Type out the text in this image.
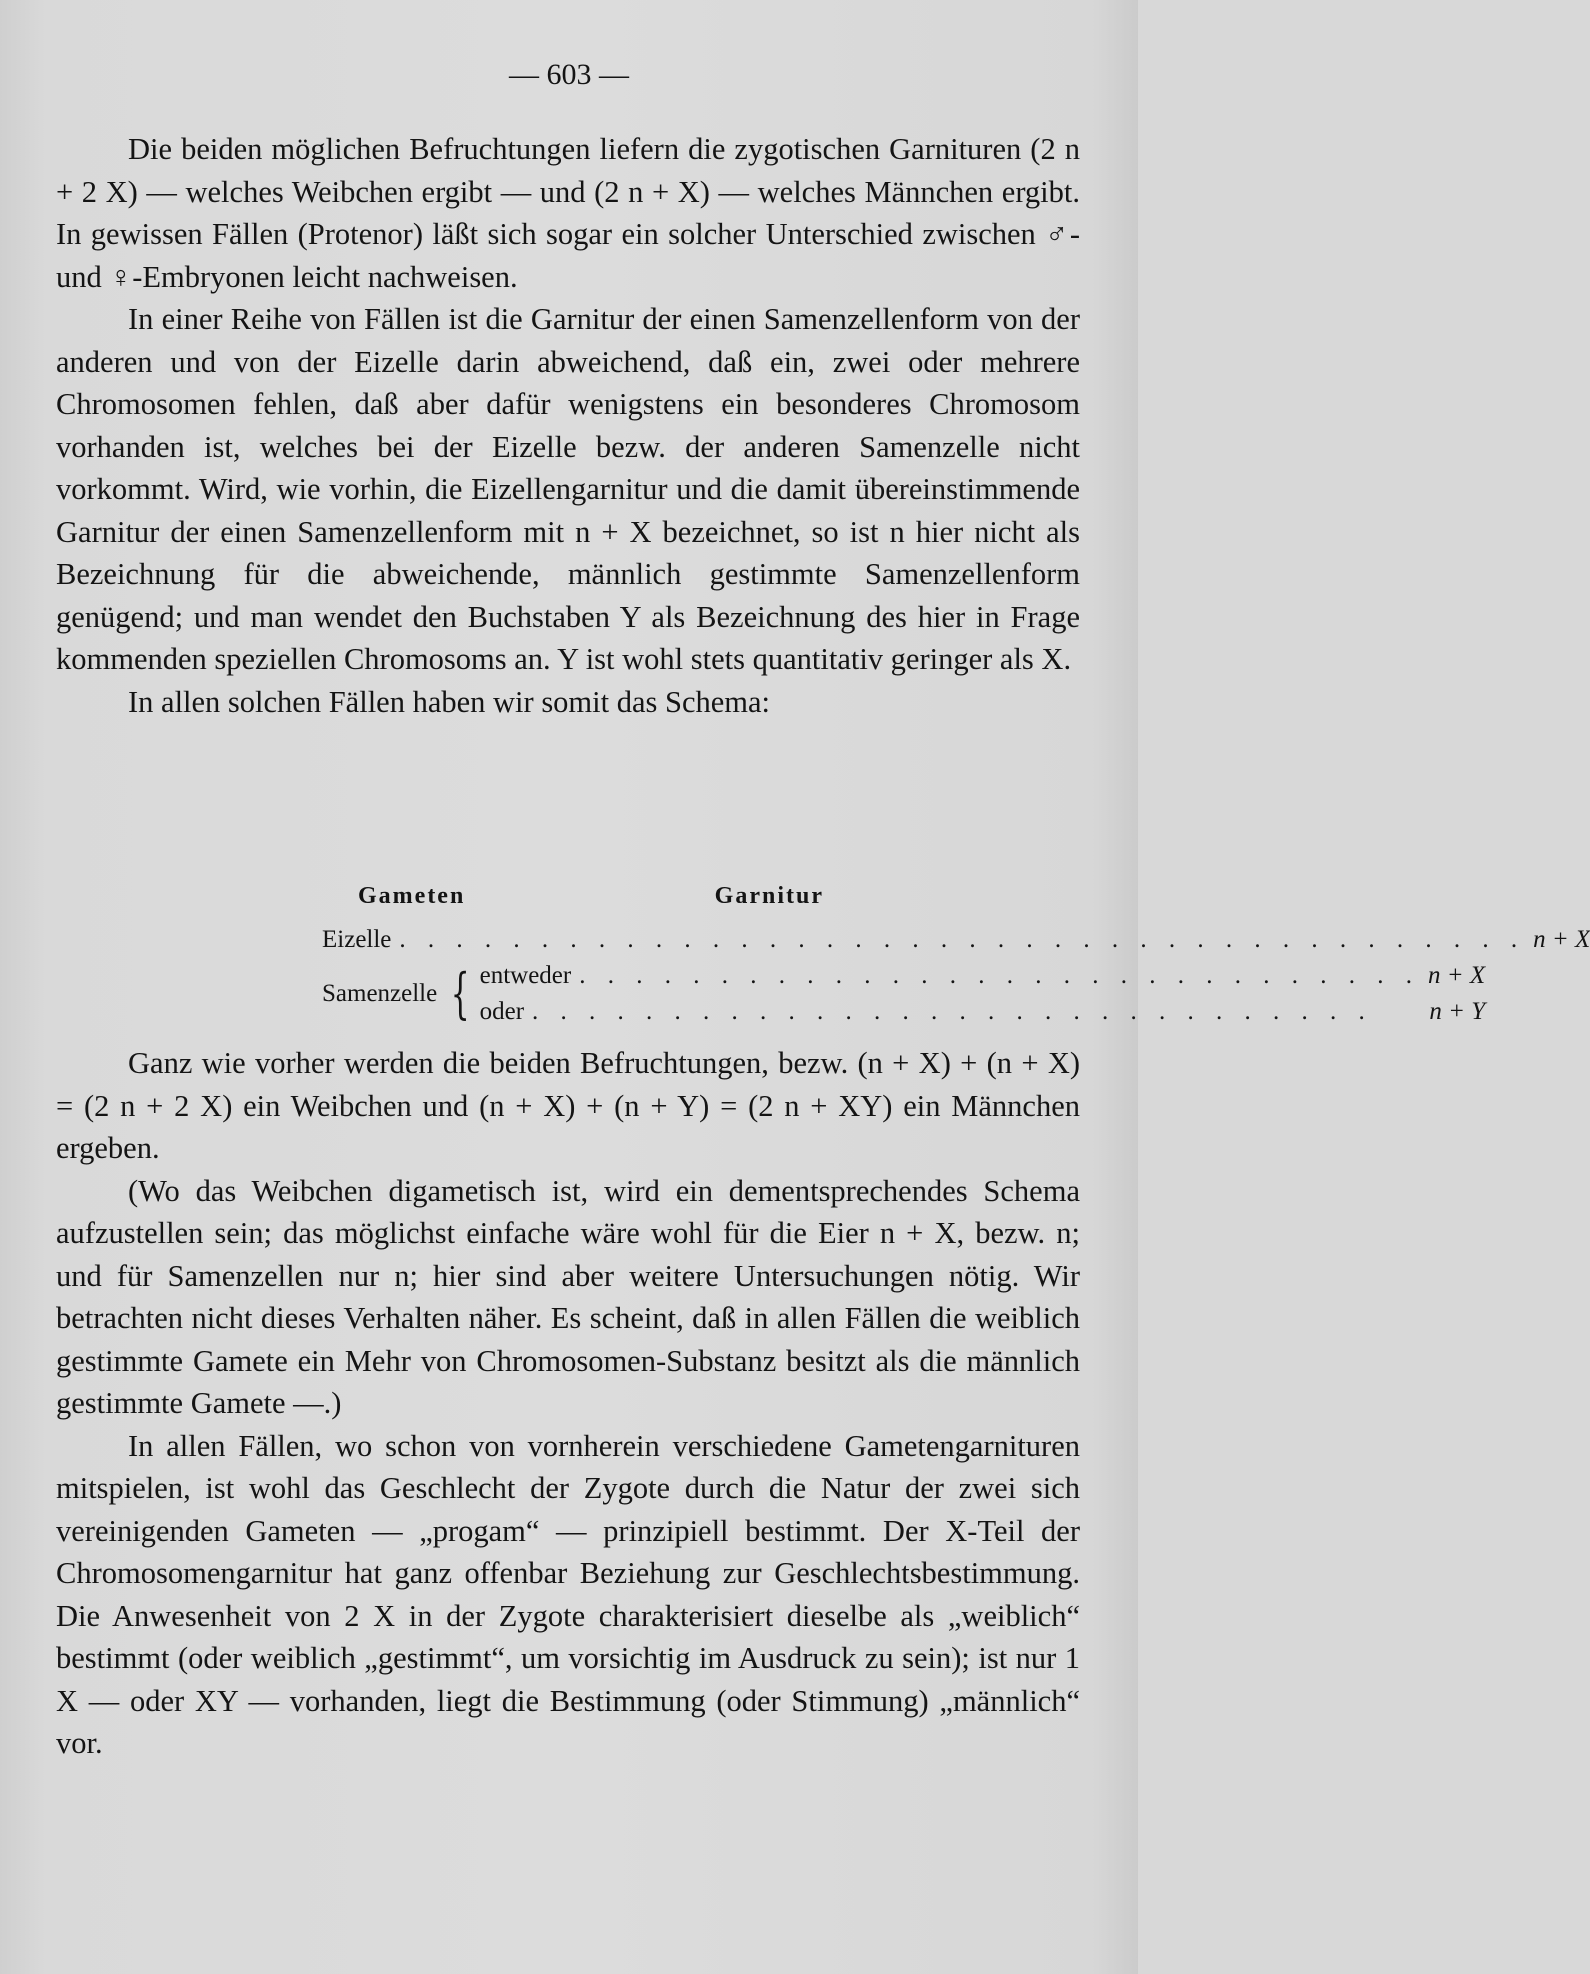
— 603 —

Die beiden möglichen Befruchtungen liefern die zygotischen Garnituren (2 n + 2 X) — welches Weibchen ergibt — und (2 n + X) — welches Männchen ergibt. In gewissen Fällen (Protenor) läßt sich sogar ein solcher Unterschied zwischen ♂- und ♀-Embryonen leicht nachweisen.

In einer Reihe von Fällen ist die Garnitur der einen Samenzellenform von der anderen und von der Eizelle darin abweichend, daß ein, zwei oder mehrere Chromosomen fehlen, daß aber dafür wenigstens ein besonderes Chromosom vorhanden ist, welches bei der Eizelle bezw. der anderen Samenzelle nicht vorkommt. Wird, wie vorhin, die Eizellengarnitur und die damit übereinstimmende Garnitur der einen Samenzellenform mit n + X bezeichnet, so ist n hier nicht als Bezeichnung für die abweichende, männlich gestimmte Samenzellenform genügend; und man wendet den Buchstaben Y als Bezeichnung des hier in Frage kommenden speziellen Chromosoms an. Y ist wohl stets quantitativ geringer als X.

In allen solchen Fällen haben wir somit das Schema:

Gameten	Garnitur
Eizelle . . . . . . . . . . . . . . . . . . . . . . . . . . . . . . . . . . . . . . . . n + X
Samenzelle { entweder . . . . . . . . . . . . . . . . . . . . . . . . . . . . . . n + X
oder . . . . . . . . . . . . . . . . . . . . . . . . . . . . . .	n + Y

Ganz wie vorher werden die beiden Befruchtungen, bezw. (n + X) + (n + X) = (2 n + 2 X) ein Weibchen und (n + X) + (n + Y) = (2 n + XY) ein Männchen ergeben.

(Wo das Weibchen digametisch ist, wird ein dementsprechendes Schema aufzustellen sein; das möglichst einfache wäre wohl für die Eier n + X, bezw. n; und für Samenzellen nur n; hier sind aber weitere Untersuchungen nötig. Wir betrachten nicht dieses Verhalten näher. Es scheint, daß in allen Fällen die weiblich gestimmte Gamete ein Mehr von Chromosomen-Substanz besitzt als die männlich gestimmte Gamete —.)

In allen Fällen, wo schon von vornherein verschiedene Gametengarnituren mitspielen, ist wohl das Geschlecht der Zygote durch die Natur der zwei sich vereinigenden Gameten — „progam“ — prinzipiell bestimmt. Der X-Teil der Chromosomengarnitur hat ganz offenbar Beziehung zur Geschlechtsbestimmung. Die Anwesenheit von 2 X in der Zygote charakterisiert dieselbe als „weiblich“ bestimmt (oder weiblich „gestimmt“, um vorsichtig im Ausdruck zu sein); ist nur 1 X — oder XY — vorhanden, liegt die Bestimmung (oder Stimmung) „männlich“ vor.
